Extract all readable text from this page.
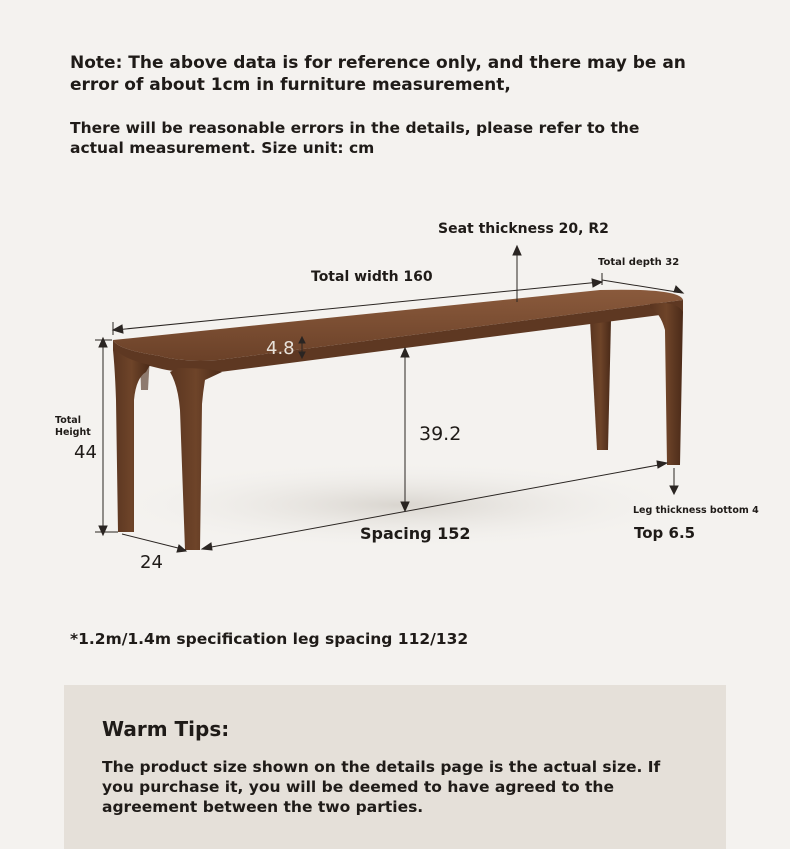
Note: The above data is for reference only, and there may be an error of about 1cm in furniture measurement,
There will be reasonable errors in the details, please refer to the actual measurement. Size unit: cm
Seat thickness 20, R2
Total width 160
Total depth 32
4.8
Total Height
44
39.2
Spacing 152
24
Leg thickness bottom 4
Top 6.5
*1.2m/1.4m specification leg spacing 112/132
Warm Tips:
The product size shown on the details page is the actual size. If you purchase it, you will be deemed to have agreed to the agreement between the two parties.
